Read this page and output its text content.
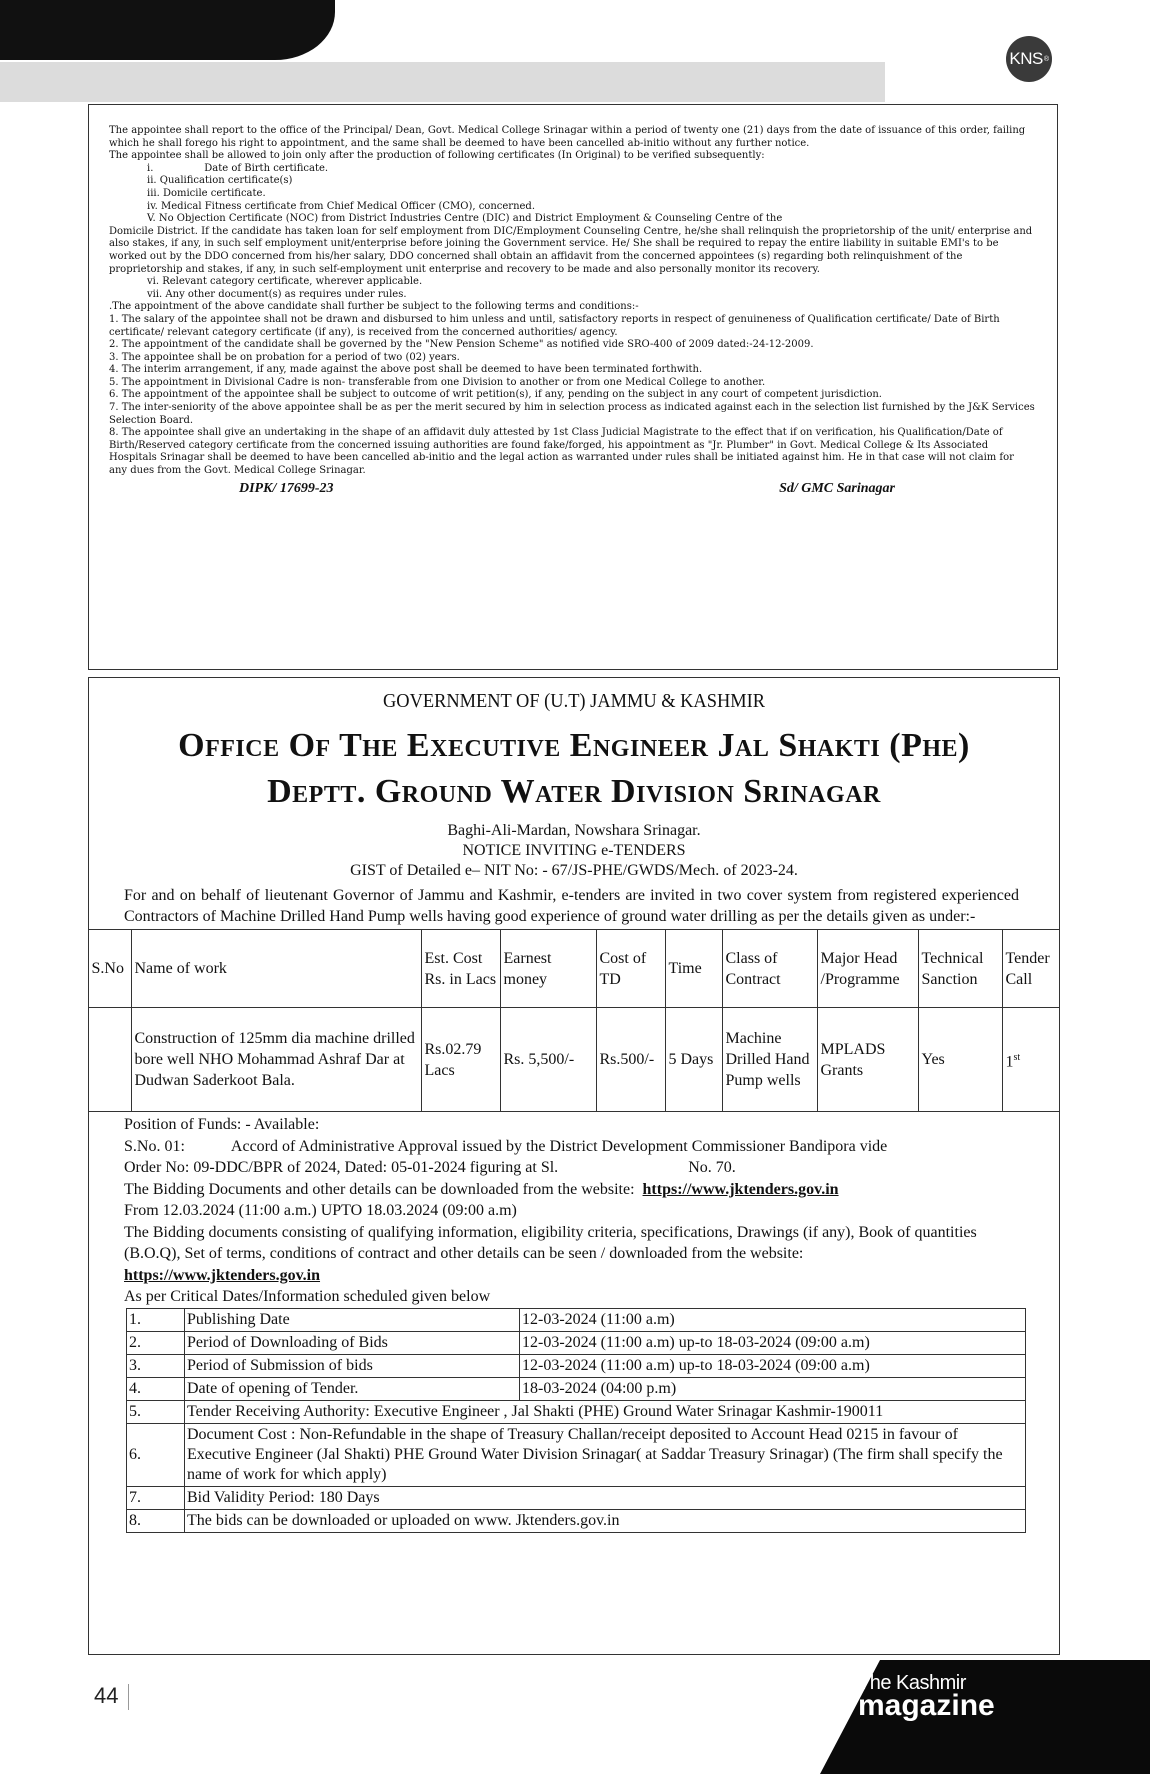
KNS ®

The appointee shall report to the office of the Principal/ Dean, Govt. Medical College Srinagar within a period of twenty one (21) days from the date of issuance of this order, failing which he shall forego his right to appointment, and the same shall be deemed to have been cancelled ab-initio without any further notice.

The appointee shall be allowed to join only after the production of following certificates (In Original) to be verified subsequently:

i.                Date of Birth certificate.

ii. Qualification certificate(s)

iii. Domicile certificate.

iv. Medical Fitness certificate from Chief Medical Officer (CMO), concerned.

V. No Objection Certificate (NOC) from District Industries Centre (DIC) and District Employment & Counseling Centre of the

Domicile District. If the candidate has taken loan for self employment from DIC/Employment Counseling Centre, he/she shall relinquish the proprietorship of the unit/ enterprise and also stakes, if any, in such self employment unit/enterprise before joining the Government service. He/ She shall be required to repay the entire liability in suitable EMI's to be worked out by the DDO concerned from his/her salary, DDO concerned shall obtain an affidavit from the concerned appointees (s) regarding both relinquishment of the proprietorship and stakes, if any, in such self-employment unit enterprise and recovery to be made and also personally monitor its recovery.

vi. Relevant category certificate, wherever applicable.

vii. Any other document(s) as requires under rules.

.The appointment of the above candidate shall further be subject to the following terms and conditions:-

1. The salary of the appointee shall not be drawn and disbursed to him unless and until, satisfactory reports in respect of genuineness of Qualification certificate/ Date of Birth certificate/ relevant category certificate (if any), is received from the concerned authorities/ agency.

2. The appointment of the candidate shall be governed by the "New Pension Scheme" as notified vide SRO-400 of 2009 dated:-24-12-2009.

3. The appointee shall be on probation for a period of two (02) years.

4. The interim arrangement, if any, made against the above post shall be deemed to have been terminated forthwith.

5. The appointment in Divisional Cadre is non- transferable from one Division to another or from one Medical College to another.

6. The appointment of the appointee shall be subject to outcome of writ petition(s), if any, pending on the subject in any court of competent jurisdiction.

7. The inter-seniority of the above appointee shall be as per the merit secured by him in selection process as indicated against each in the selection list furnished by the J&K Services Selection Board.

8. The appointee shall give an undertaking in the shape of an affidavit duly attested by 1st Class Judicial Magistrate to the effect that if on verification, his Qualification/Date of Birth/Reserved category certificate from the concerned issuing authorities are found fake/forged, his appointment as "Jr. Plumber" in Govt. Medical College & Its Associated Hospitals Srinagar shall be deemed to have been cancelled ab-initio and the legal action as warranted under rules shall be initiated against him. He in that case will not claim for any dues from the Govt. Medical College Srinagar.

DIPK/ 17699-23	Sd/ GMC Sarinagar
GOVERNMENT OF (U.T) JAMMU & KASHMIR
Office Of The Executive Engineer Jal Shakti (Phe)
Deptt. Ground Water Division Srinagar
Baghi-Ali-Mardan, Nowshara Srinagar.
NOTICE INVITING e-TENDERS
GIST of Detailed e– NIT No: - 67/JS-PHE/GWDS/Mech. of 2023-24.
For and on behalf of lieutenant Governor of Jammu and Kashmir, e-tenders are invited in two cover system from registered experienced Contractors of Machine Drilled Hand Pump wells having good experience of ground water drilling as per the details given as under:-
S.No	Name of work	Est. Cost Rs. in Lacs	Earnest money	Cost of TD	Time	Class of Contract	Major Head /Programme	Technical Sanction	Tender Call
	Construction of 125mm dia machine drilled bore well NHO Mohammad Ashraf Dar at Dudwan Saderkoot Bala.	Rs.02.79 Lacs	Rs. 5,500/-	Rs.500/-	5 Days	Machine Drilled Hand Pump wells	MPLADS Grants	Yes	1st
Position of Funds: - Available:
S.No. 01:	Accord of Administrative Approval issued by the District Development Commissioner Bandipora vide
Order No: 09-DDC/BPR of 2024, Dated: 05-01-2024 figuring at Sl.	No. 70.
The Bidding Documents and other details can be downloaded from the website: https://www.jktenders.gov.in
From 12.03.2024 (11:00 a.m.) UPTO 18.03.2024 (09:00 a.m)
The Bidding documents consisting of qualifying information, eligibility criteria, specifications, Drawings (if any), Book of quantities (B.O.Q), Set of terms, conditions of contract and other details can be seen / downloaded from the website:
https://www.jktenders.gov.in
As per Critical Dates/Information scheduled given below
1.	Publishing Date	12-03-2024 (11:00 a.m)
2.	Period of Downloading of Bids	12-03-2024 (11:00 a.m) up-to 18-03-2024 (09:00 a.m)
3.	Period of Submission of bids	12-03-2024 (11:00 a.m) up-to 18-03-2024 (09:00 a.m)
4.	Date of opening of Tender.	18-03-2024 (04:00 p.m)
5.	Tender Receiving Authority: Executive Engineer , Jal Shakti (PHE) Ground Water Srinagar Kashmir-190011	
6.	Document Cost : Non-Refundable in the shape of Treasury Challan/receipt deposited to Account Head 0215 in favour of Executive Engineer (Jal Shakti) PHE Ground Water Division Srinagar( at Saddar Treasury Srinagar) (The firm shall specify the name of work for which apply)	
7.	Bid Validity Period: 180 Days	
8.	The bids can be downloaded or uploaded on www. Jktenders.gov.in	
44	The Kashmir
magazine
